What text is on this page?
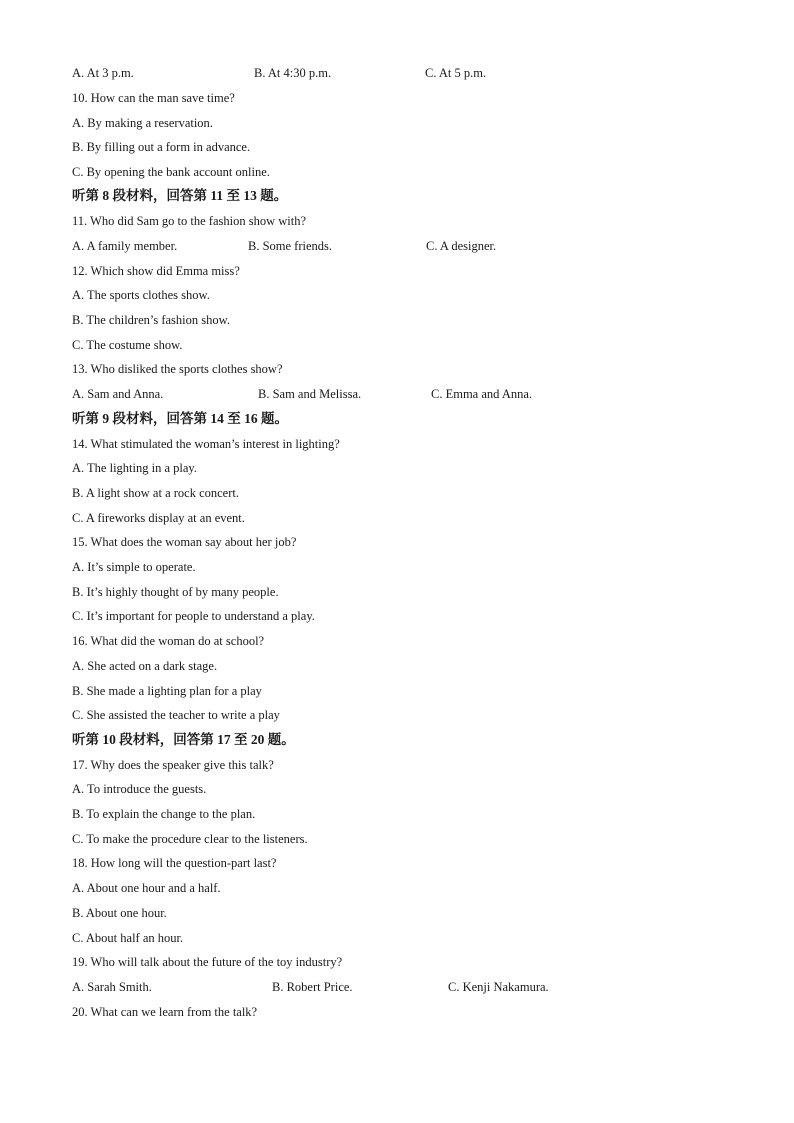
A. At 3 p.m.	B. At 4:30 p.m.	C. At 5 p.m.
10. How can the man save time?
A. By making a reservation.
B. By filling out a form in advance.
C. By opening the bank account online.
听第 8 段材料，回答第 11 至 13 题。
11. Who did Sam go to the fashion show with?
A. A family member.	B. Some friends.	C. A designer.
12. Which show did Emma miss?
A. The sports clothes show.
B. The children’s fashion show.
C. The costume show.
13. Who disliked the sports clothes show?
A. Sam and Anna.	B. Sam and Melissa.	C. Emma and Anna.
听第 9 段材料，回答第 14 至 16 题。
14. What stimulated the woman’s interest in lighting?
A. The lighting in a play.
B. A light show at a rock concert.
C. A fireworks display at an event.
15. What does the woman say about her job?
A. It’s simple to operate.
B. It’s highly thought of by many people.
C. It’s important for people to understand a play.
16. What did the woman do at school?
A. She acted on a dark stage.
B. She made a lighting plan for a play
C. She assisted the teacher to write a play
听第 10 段材料，回答第 17 至 20 题。
17. Why does the speaker give this talk?
A. To introduce the guests.
B. To explain the change to the plan.
C. To make the procedure clear to the listeners.
18. How long will the question-part last?
A. About one hour and a half.
B. About one hour.
C. About half an hour.
19. Who will talk about the future of the toy industry?
A. Sarah Smith.	B. Robert Price.	C. Kenji Nakamura.
20. What can we learn from the talk?
